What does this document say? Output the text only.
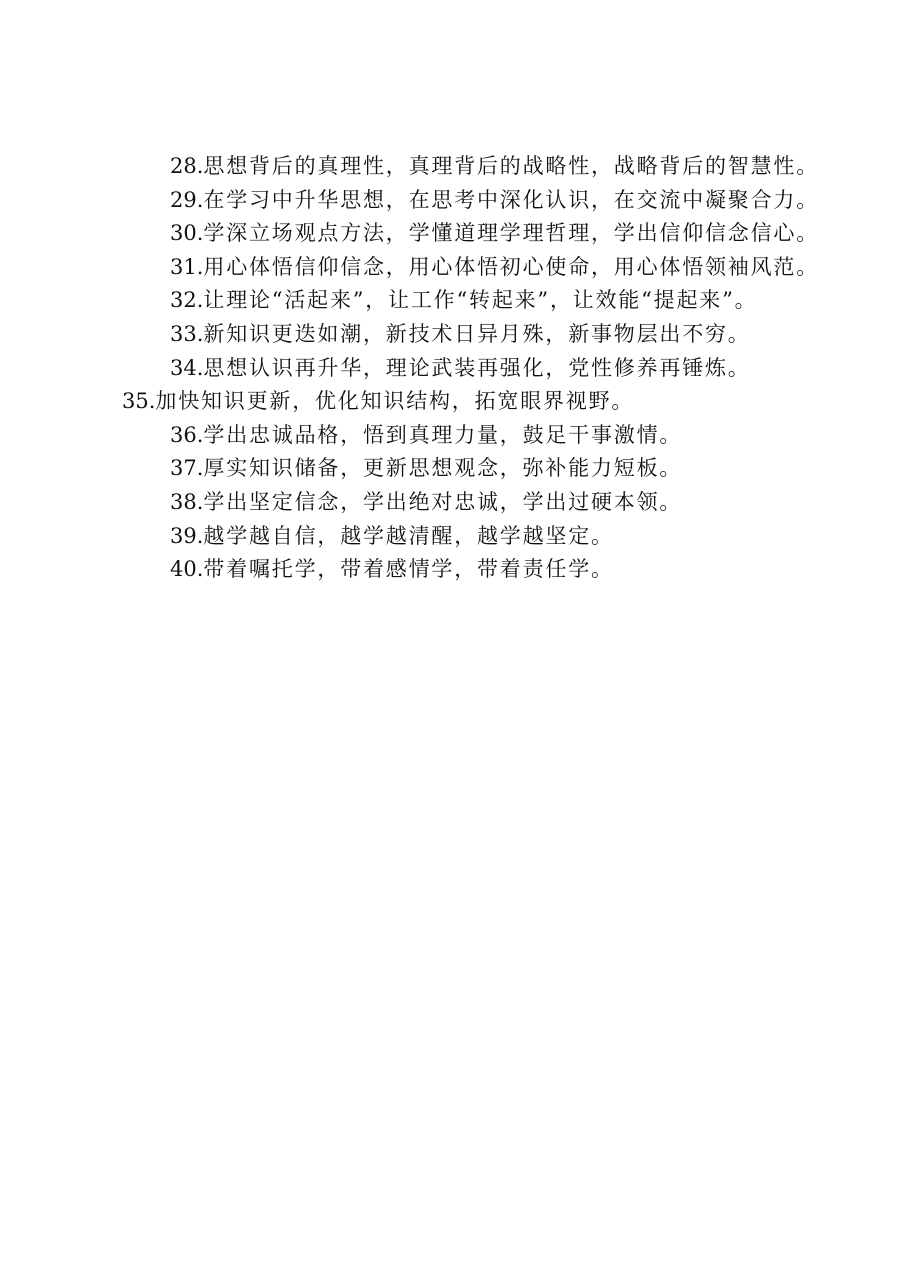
28.思想背后的真理性，真理背后的战略性，战略背后的智慧性。

29.在学习中升华思想，在思考中深化认识，在交流中凝聚合力。

30.学深立场观点方法，学懂道理学理哲理，学出信仰信念信心。

31.用心体悟信仰信念，用心体悟初心使命，用心体悟领袖风范。

32.让理论“活起来”，让工作“转起来”，让效能“提起来”。

33.新知识更迭如潮，新技术日异月殊，新事物层出不穷。

34.思想认识再升华，理论武装再强化，党性修养再锤炼。

35.加快知识更新，优化知识结构，拓宽眼界视野。

36.学出忠诚品格，悟到真理力量，鼓足干事激情。

37.厚实知识储备，更新思想观念，弥补能力短板。

38.学出坚定信念，学出绝对忠诚，学出过硬本领。

39.越学越自信，越学越清醒，越学越坚定。

40.带着嘱托学，带着感情学，带着责任学。
